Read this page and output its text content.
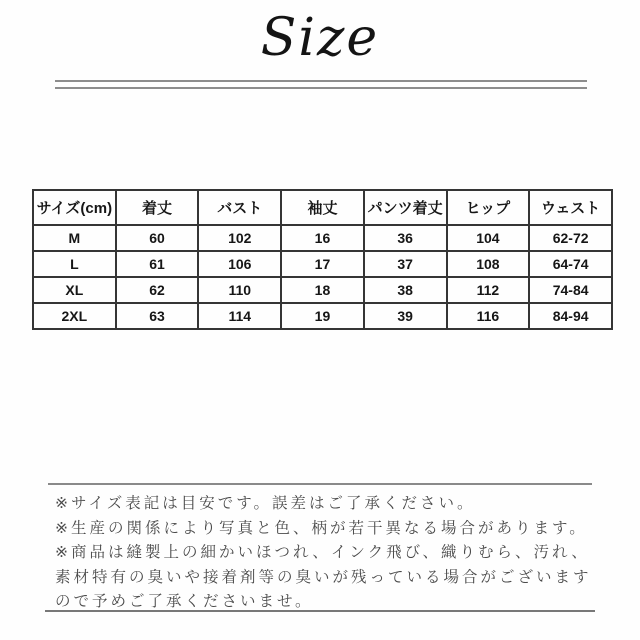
Size
サイズ(cm)	着丈	バスト	袖丈	パンツ着丈	ヒップ	ウェスト
M	60	102	16	36	104	62-72
L	61	106	17	37	108	64-74
XL	62	110	18	38	112	74-84
2XL	63	114	19	39	116	84-94
※サイズ表記は目安です。誤差はご了承ください。
※生産の関係により写真と色、柄が若干異なる場合があります。
※商品は縫製上の細かいほつれ、インク飛び、織りむら、汚れ、
素材特有の臭いや接着剤等の臭いが残っている場合がございます
ので予めご了承くださいませ。
